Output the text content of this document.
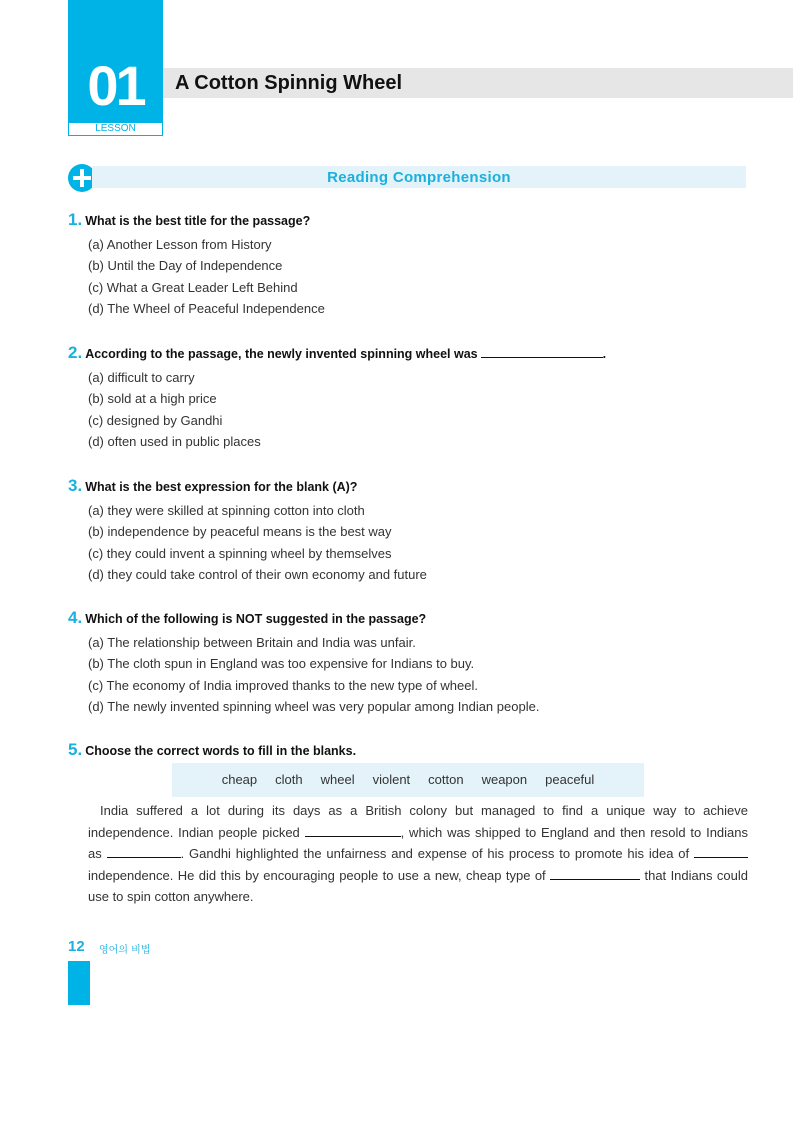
01
LESSON
A Cotton Spinnig Wheel
Reading Comprehension
1. What is the best title for the passage?
(a) Another Lesson from History
(b) Until the Day of Independence
(c) What a Great Leader Left Behind
(d) The Wheel of Peaceful Independence
2. According to the passage, the newly invented spinning wheel was	.
(a) difficult to carry
(b) sold at a high price
(c) designed by Gandhi
(d) often used in public places
3. What is the best expression for the blank (A)?
(a) they were skilled at spinning cotton into cloth
(b) independence by peaceful means is the best way
(c) they could invent a spinning wheel by themselves
(d) they could take control of their own economy and future
4. Which of the following is NOT suggested in the passage?
(a) The relationship between Britain and India was unfair.
(b) The cloth spun in England was too expensive for Indians to buy.
(c) The economy of India improved thanks to the new type of wheel.
(d) The newly invented spinning wheel was very popular among Indian people.
5. Choose the correct words to fill in the blanks.
cheap cloth wheel violent cotton weapon peaceful
India suffered a lot during its days as a British colony but managed to find a unique way to achieve independence. Indian people picked	, which was shipped to England and then resold to Indians as	. Gandhi highlighted the unfairness and expense of his process to promote his idea of  independence. He did this by encouraging people to use a new, cheap type of	that Indians could use to spin cotton anywhere.
12 영어의 비법
